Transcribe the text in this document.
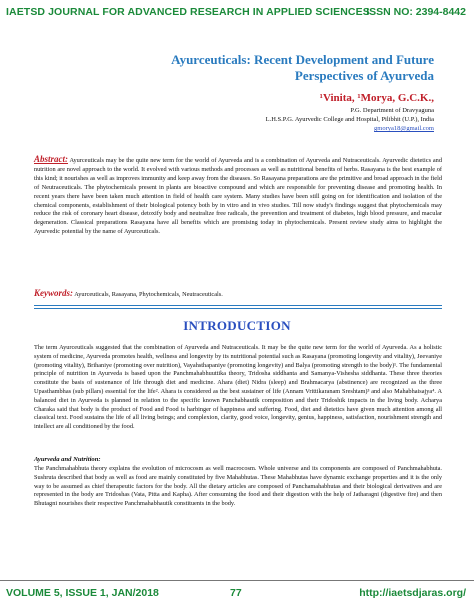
IAETSD JOURNAL FOR ADVANCED RESEARCH IN APPLIED SCIENCES
ISSN NO: 2394-8442
Ayurceuticals: Recent Development and Future Perspectives of Ayurveda
¹Vinita, ¹Morya, G.C.K.,
P.G. Department of Dravyaguna
L.H.S.P.G. Ayurvedic College and Hospital, Pilibhit (U.P.), India
gmorya18@gmail.com
Abstract: Ayurceuticals may be the quite new term for the world of Ayurveda and is a combination of Ayurveda and Nutraceuticals. Ayurvedic dietetics and nutrition are novel approach to the world. It evolved with various methods and processes as well as nutritional benefits of herbs. Rasayana is the best example of this kind; it nourishes as well as improves immunity and keep away from the diseases. So Rasayana preparations are the primitive and broad approach in the field of Neutraceuticals. The phytochemicals present in plants are bioactive compound and which are responsible for preventing disease and promoting health. In recent years there have been taken much attention in field of health care system. Many studies have been still going on for identification and isolation of the chemical components, establishment of their biological potency both by in vitro and in vivo studies. Till now study's findings suggest that phytochemicals may reduce the risk of coronary heart disease, detoxify body and neutralize free radicals, the prevention and treatment of diabetes, high blood pressure, and macular degeneration. Classical preparations Rasayana have all benefits which are promising today in phytochemicals. Present review study aims to highlight the Ayurvedic potential by the name of Ayurceuticals.
Keywords: Ayurceuticals, Rasayana, Phytochemicals, Neutraceuticals.
INTRODUCTION
The term Ayurceuticals suggested that the combination of Ayurveda and Nutraceuticals. It may be the quite new term for the world of Ayurveda. As a holistic system of medicine, Ayurveda promotes health, wellness and longevity by its nutritional potential such as Rasayana (promoting longevity and vitality), Jeevaniye (promoting vitality), Brihaniye (promoting over nutrition), Vayahsthapaniye (promoting longevity) and Balya (promoting strength to the body)¹. The fundamental principle of nutrition in Ayurveda is based upon the Panchmahabhuuttika theory, Tridosha siddhanta and Samanya-Vishesha siddhanta. These three theories constitute the basis of sustenance of life through diet and medicine. Ahara (diet) Nidra (sleep) and Brahmacarya (abstinence) are recognized as the three Upasthambhas (sub pillars) essential for the life². Ahara is considered as the best sustainer of life (Annam Vrittikaranam Sreshtam)³ and also Mahabhaisajya⁴. A balanced diet in Ayurveda is planned in relation to the specific known Panchabhautik composition and their Tridoshik impacts in the living body. Acharya Charaka said that body is the product of Food and Food is harbinger of happiness and suffering. Food, diet and dietetics have given much attention among all classical text. Food sustains the life of all living beings; and complexion, clarity, good voice, longevity, genius, happiness, satisfaction, nourishment strength and intellect are all conditioned by the food.
Ayurveda and Nutrition:
The Panchmahabhuta theory explains the evolution of microcosm as well macrocosm. Whole universe and its components are composed of Panchmahabhuta. Sushruta described that body as well as food are mainly constituted by five Mahabhutas. These Mahabhutas have dynamic exchange properties and it is the only way to be assumed as chief therapeutic factors for the body. All the dietary articles are composed of Panchamahabhutas and their biological derivatives and are represented in the body are Tridoshas (Vata, Pitta and Kapha). After consuming the food and their digestion with the help of Jatharagni (digestive fire) and then Bhutagni nourishes their respective Panchmahabhautik constituents in the body.
VOLUME 5, ISSUE 1, JAN/2018	77	http://iaetsdjaras.org/
